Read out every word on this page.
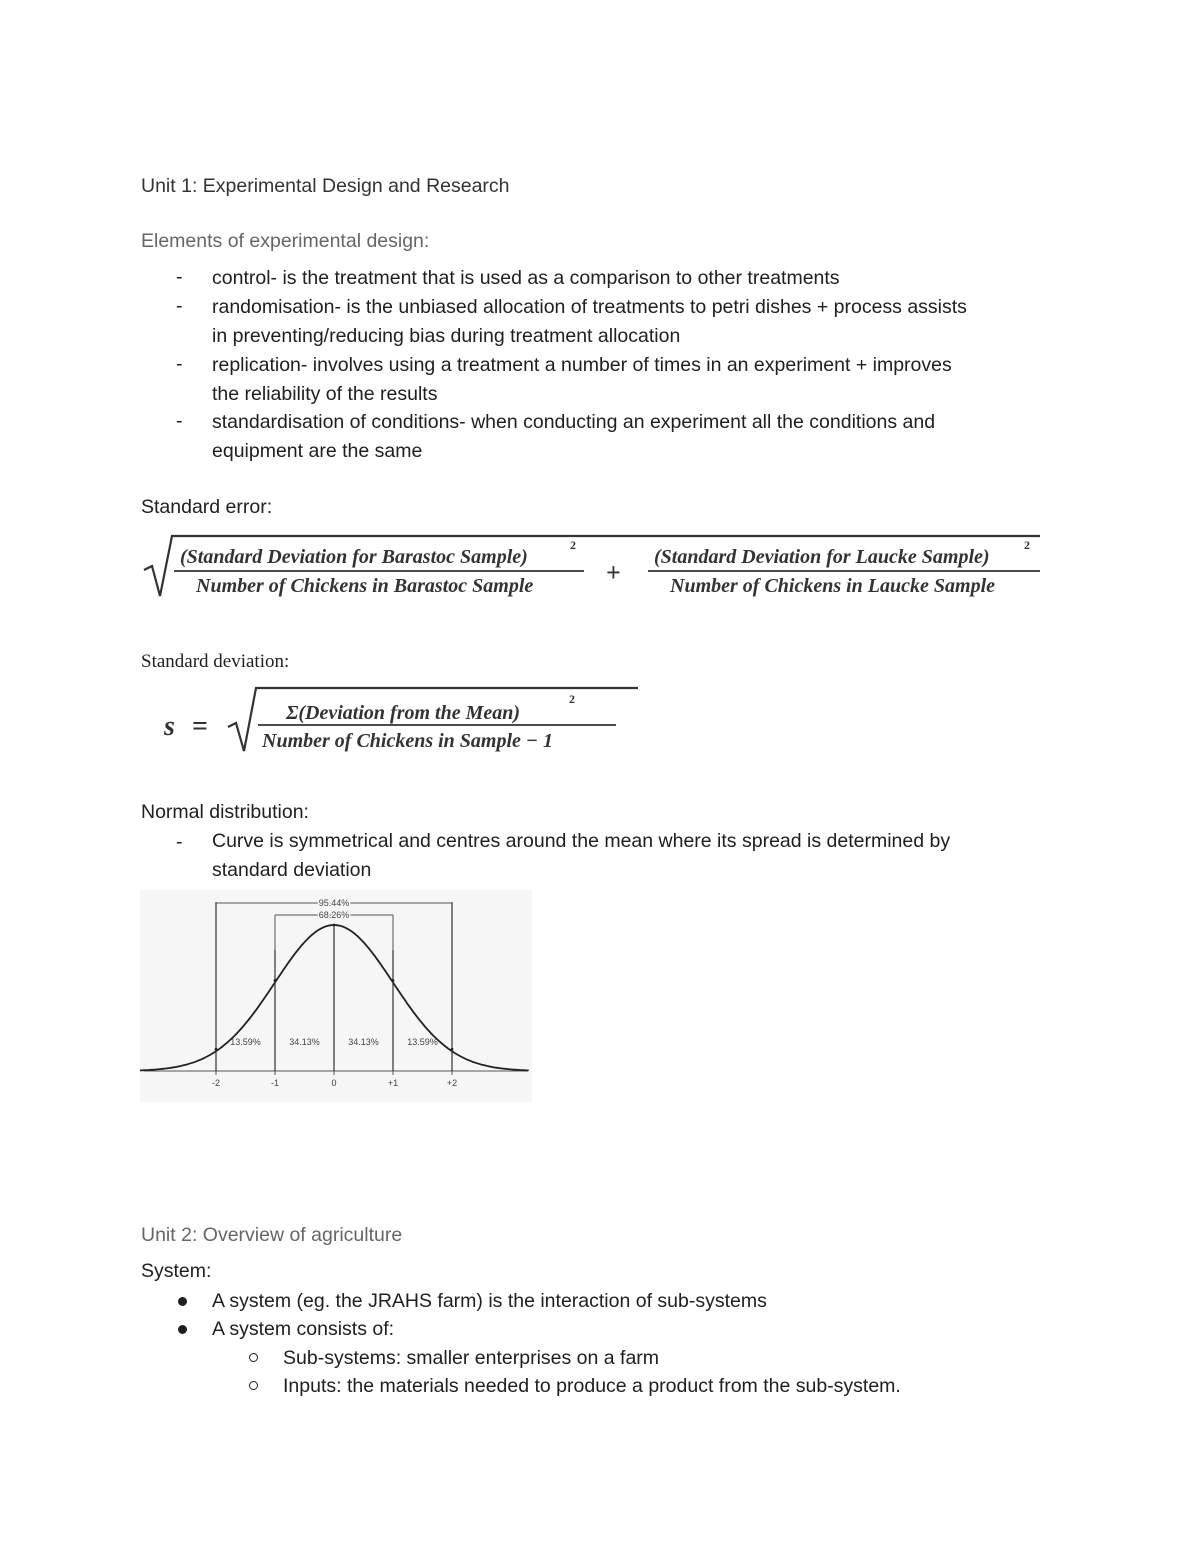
Unit 1: Experimental Design and Research
Elements of experimental design:
- control- is the treatment that is used as a comparison to other treatments
- randomisation- is the unbiased allocation of treatments to petri dishes + process assists
in preventing/reducing bias during treatment allocation
- replication- involves using a treatment a number of times in an experiment + improves
the reliability of the results
- standardisation of conditions- when conducting an experiment all the conditions and
equipment are the same
Standard error:
(Standard Deviation for Barastoc Sample)
2
Number of Chickens in Barastoc Sample	+
(Standard Deviation for Laucke Sample)
2
Number of Chickens in Laucke Sample
Standard deviation:
s =	Σ(Deviation from the Mean)
2
Number of Chickens in Sample − 1
Normal distribution:
- Curve is symmetrical and centres around the mean where its spread is determined by
standard deviation
95.44%
68.26%
13.59%	34.13%	34.13%	13.59%
-2	-1	0	+1	+2
Unit 2: Overview of agriculture
System:
A system (eg. the JRAHS farm) is the interaction of sub-systems
A system consists of:
Sub-systems: smaller enterprises on a farm
Inputs: the materials needed to produce a product from the sub-system.
